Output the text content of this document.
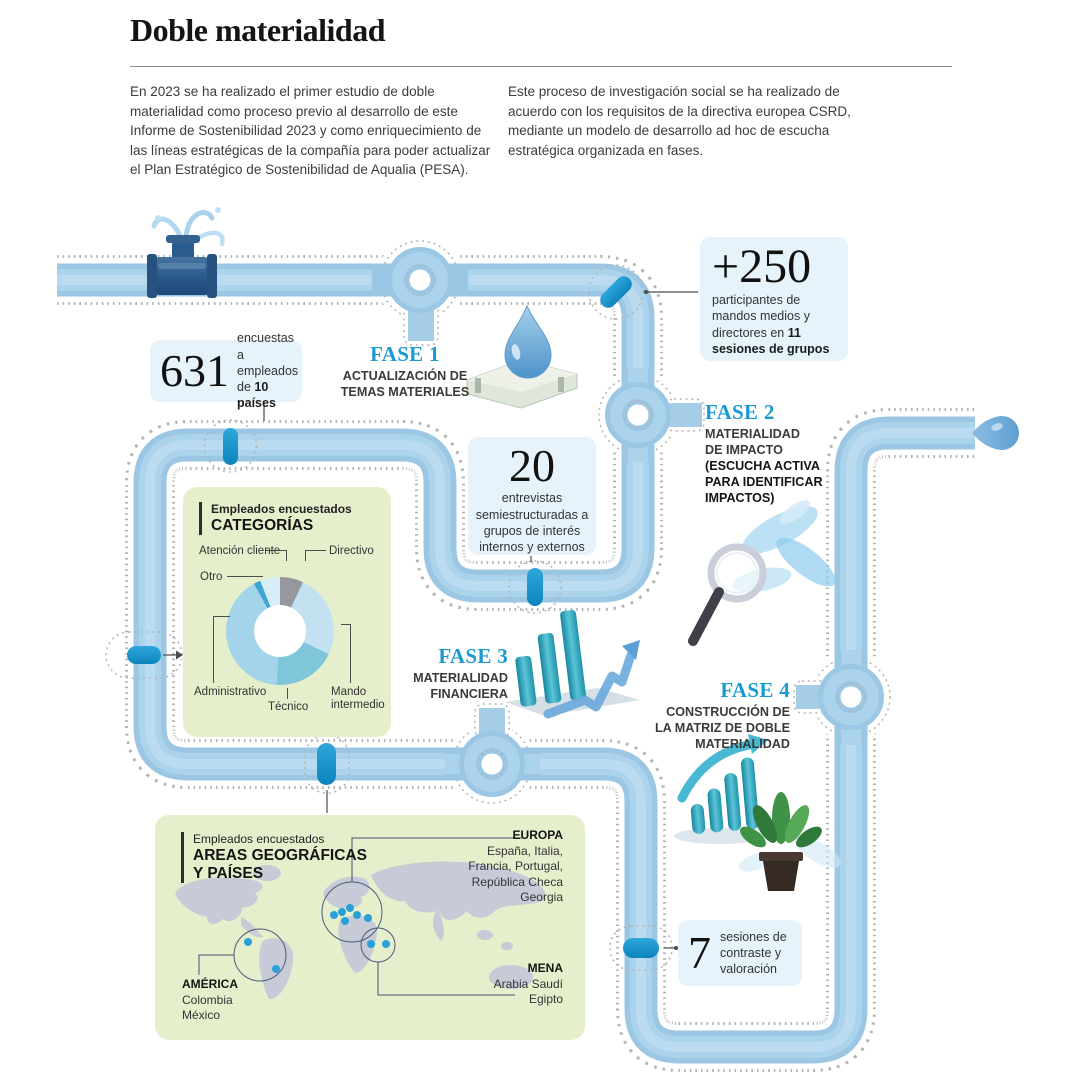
Doble materialidad
En 2023 se ha realizado el primer estudio de doble materialidad como proceso previo al desarrollo de este Informe de Sostenibilidad 2023 y como enriquecimiento de las líneas estratégicas de la compañía para poder actualizar el Plan Estratégico de Sostenibilidad de Aqualia (PESA).
Este proceso de investigación social se ha realizado de acuerdo con los requisitos de la directiva europea CSRD, mediante un modelo de desarrollo ad hoc de escucha estratégica organizada en fases.
+250
participantes de mandos medios y directores en 11 sesiones de grupos
631
encuestas a empleados de 10 países
20
entrevistas semiestructuradas a grupos de interés internos y externos
7 sesiones de contraste y valoración
FASE 1
ACTUALIZACIÓN DE
TEMAS MATERIALES
FASE 2
MATERIALIDAD
DE IMPACTO
(ESCUCHA ACTIVA
PARA IDENTIFICAR
IMPACTOS)
FASE 3
MATERIALIDAD
FINANCIERA	FASE 4
CONSTRUCCIÓN DE
LA MATRIZ DE DOBLE
MATERIALIDAD
Empleados encuestados
CATEGORÍAS
Atención cliente	Directivo
Otro
Administrativo
Técnico
Mando
intermedio
Empleados encuestados
AREAS GEOGRÁFICAS
Y PAÍSES
EUROPA
España, Italia,
Francia, Portugal,
República Checa
Georgia
MENA
Arabia Saudí
Egipto
AMÉRICA
Colombia
México
